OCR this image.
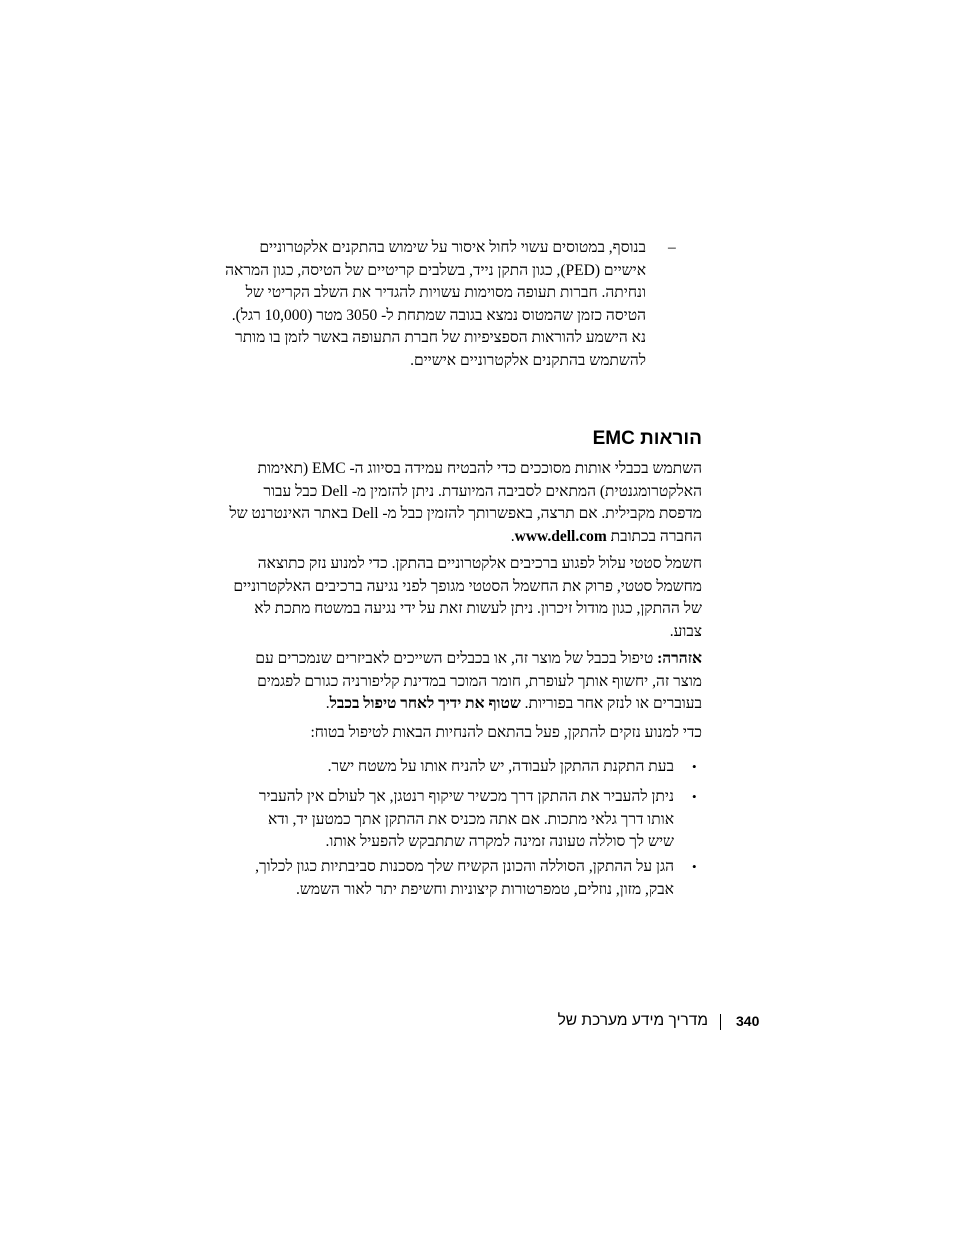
–
בנוסף, במטוסים עשוי לחול איסור על שימוש בהתקנים אלקטרוניים אישיים (PED), כגון התקן נייד, בשלבים קריטיים של הטיסה, כגון המראה ונחיתה. חברות תעופה מסוימות עשויות להגדיר את השלב הקריטי של הטיסה כזמן שהמטוס נמצא בגובה שמתחת ל- 3050 מטר (10,000 רגל). נא הישמע להוראות הספציפיות של חברת התעופה באשר לזמן בו מותר להשתמש בהתקנים אלקטרוניים אישיים.
הוראות EMC
השתמש בכבלי אותות מסוככים כדי להבטיח עמידה בסיווג ה- EMC (תאימות האלקטרומגנטית) המתאים לסביבה המיועדת. ניתן להזמין מ- Dell כבל עבור מדפסת מקבילית. אם תרצה, באפשרותך להזמין כבל מ- Dell באתר האינטרנט של החברה בכתובת www.dell.com.
חשמל סטטי עלול לפגוע ברכיבים אלקטרוניים בהתקן. כדי למנוע נזק כתוצאה מחשמל סטטי, פרוק את החשמל הסטטי מגופך לפני נגיעה ברכיבים האלקטרוניים של ההתקן, כגון מודול זיכרון. ניתן לעשות זאת על ידי נגיעה במשטח מתכת לא צבוע.
אזהרה: טיפול בכבל של מוצר זה, או בכבלים השייכים לאביזרים שנמכרים עם מוצר זה, יחשוף אותך לעופרת, חומר המוכר במדינת קליפורניה כגורם לפגמים בעוברים או לנזק אחר בפוריות. שטוף את ידיך לאחר טיפול בכבל.
כדי למנוע נזקים להתקן, פעל בהתאם להנחיות הבאות לטיפול בטוח:
•
בעת התקנת ההתקן לעבודה, יש להניח אותו על משטח ישר.
•
ניתן להעביר את ההתקן דרך מכשיר שיקוף רנטגן, אך לעולם אין להעביר אותו דרך גלאי מתכות. אם אתה מכניס את ההתקן אתך כמטען יד, ודא שיש לך סוללה טעונה זמינה למקרה שתתבקש להפעיל אותו.
•
הגן על ההתקן, הסוללה והכונן הקשיח שלך מסכנות סביבתיות כגון לכלוך, אבק, מזון, נוזלים, טמפרטורות קיצוניות וחשיפת יתר לאור השמש.
מדריך מידע מערכת של 340
